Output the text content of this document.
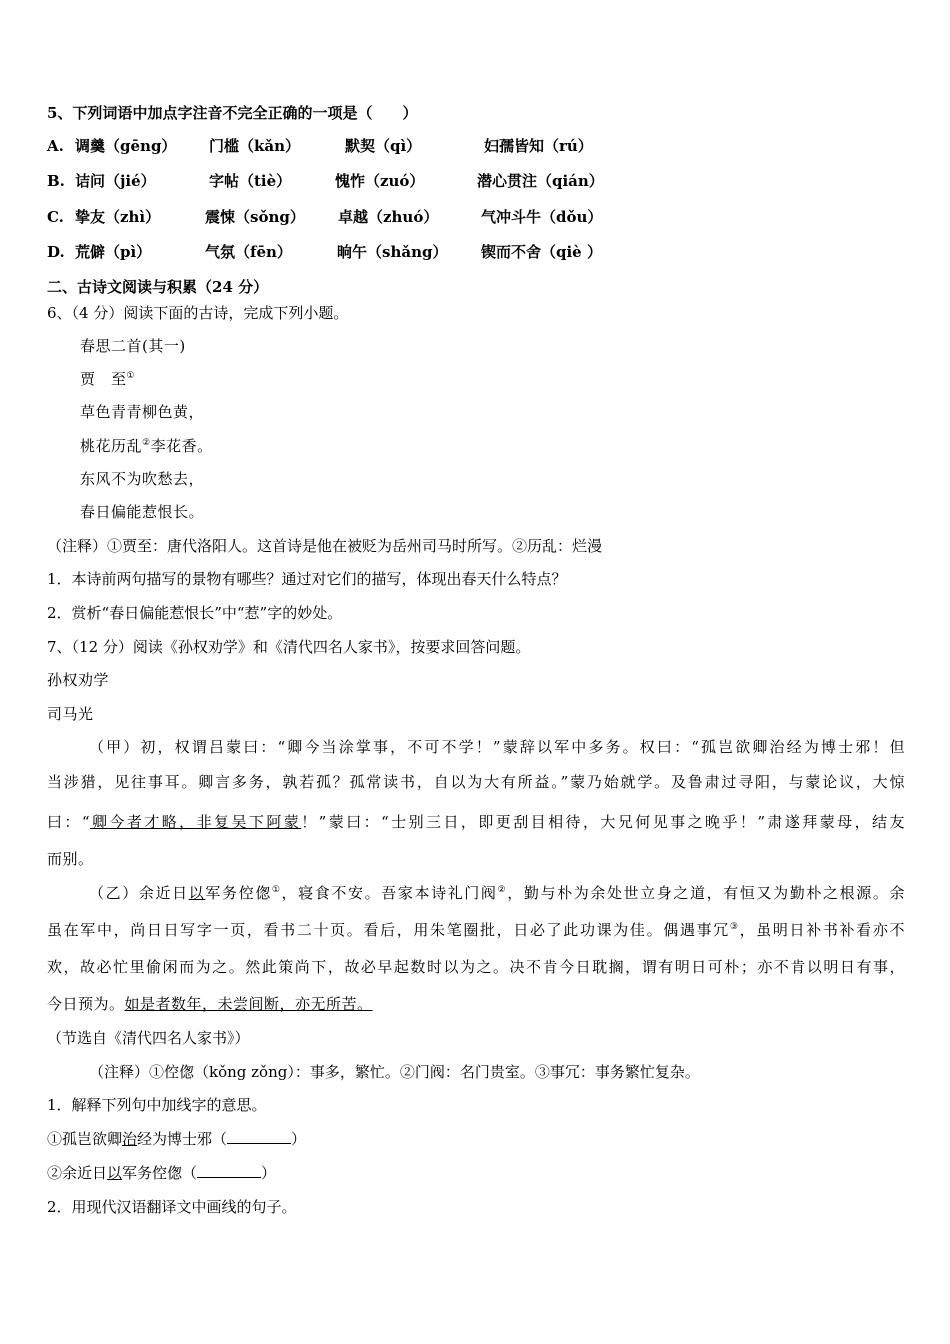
5、下列词语中加点字注音不完全正确的一项是（　　）
A. 调羹（gēng） 门槛（kǎn）	默契（qì）	妇孺皆知（rú）
B. 诘问（jié）	字帖（tiè）	愧怍（zuó）	潜心贯注（qián）
C. 挚友（zhì）	震悚（sǒng） 卓越（zhuó）	气冲斗牛（dǒu）
D. 荒僻（pì）	气氛（fēn）	晌午（shǎng） 锲而不舍（qiè ）
二、古诗文阅读与积累（24 分）
6、（4 分）阅读下面的古诗，完成下列小题。
春思二首(其一)
贾　至①
草色青青柳色黄，
桃花历乱②李花香。
东风不为吹愁去，
春日偏能惹恨长。
（注释）①贾至：唐代洛阳人。这首诗是他在被贬为岳州司马时所写。②历乱：烂漫
1．本诗前两句描写的景物有哪些？通过对它们的描写，体现出春天什么特点？
2．赏析“春日偏能惹恨长”中“惹”字的妙处。
7、（12 分）阅读《孙权劝学》和《清代四名人家书》，按要求回答问题。
孙权劝学
司马光
（甲）初，权谓吕蒙曰：“卿今当涂掌事，不可不学！”蒙辞以军中多务。权曰：“孤岂欲卿治经为博士邪！但
当涉猎，见往事耳。卿言多务，孰若孤？孤常读书，自以为大有所益。”蒙乃始就学。及鲁肃过寻阳，与蒙论议，大惊
曰：“卿今者才略，非复吴下阿蒙！”蒙曰：“士别三日，即更刮目相待，大兄何见事之晚乎！”肃遂拜蒙母，结友
而别。
（乙）余近日以军务倥偬①，寝食不安。吾家本诗礼门阀②，勤与朴为余处世立身之道，有恒又为勤朴之根源。余
虽在军中，尚日日写字一页，看书二十页。看后，用朱笔圈批，日必了此功课为佳。偶遇事冗③，虽明日补书补看亦不
欢，故必忙里偷闲而为之。然此策尚下，故必早起数时以为之。决不肯今日耽搁，谓有明日可朴；亦不肯以明日有事，
今日预为。如是者数年，未尝间断，亦无所苦。
（节选自《清代四名人家书》）
（注释）①倥偬（kǒng zǒng）：事多，繁忙。②门阀：名门贵室。③事冗：事务繁忙复杂。
1．解释下列句中加线字的意思。
①孤岂欲卿治经为博士邪（	）
②余近日以军务倥偬（	）
2．用现代汉语翻译文中画线的句子。
